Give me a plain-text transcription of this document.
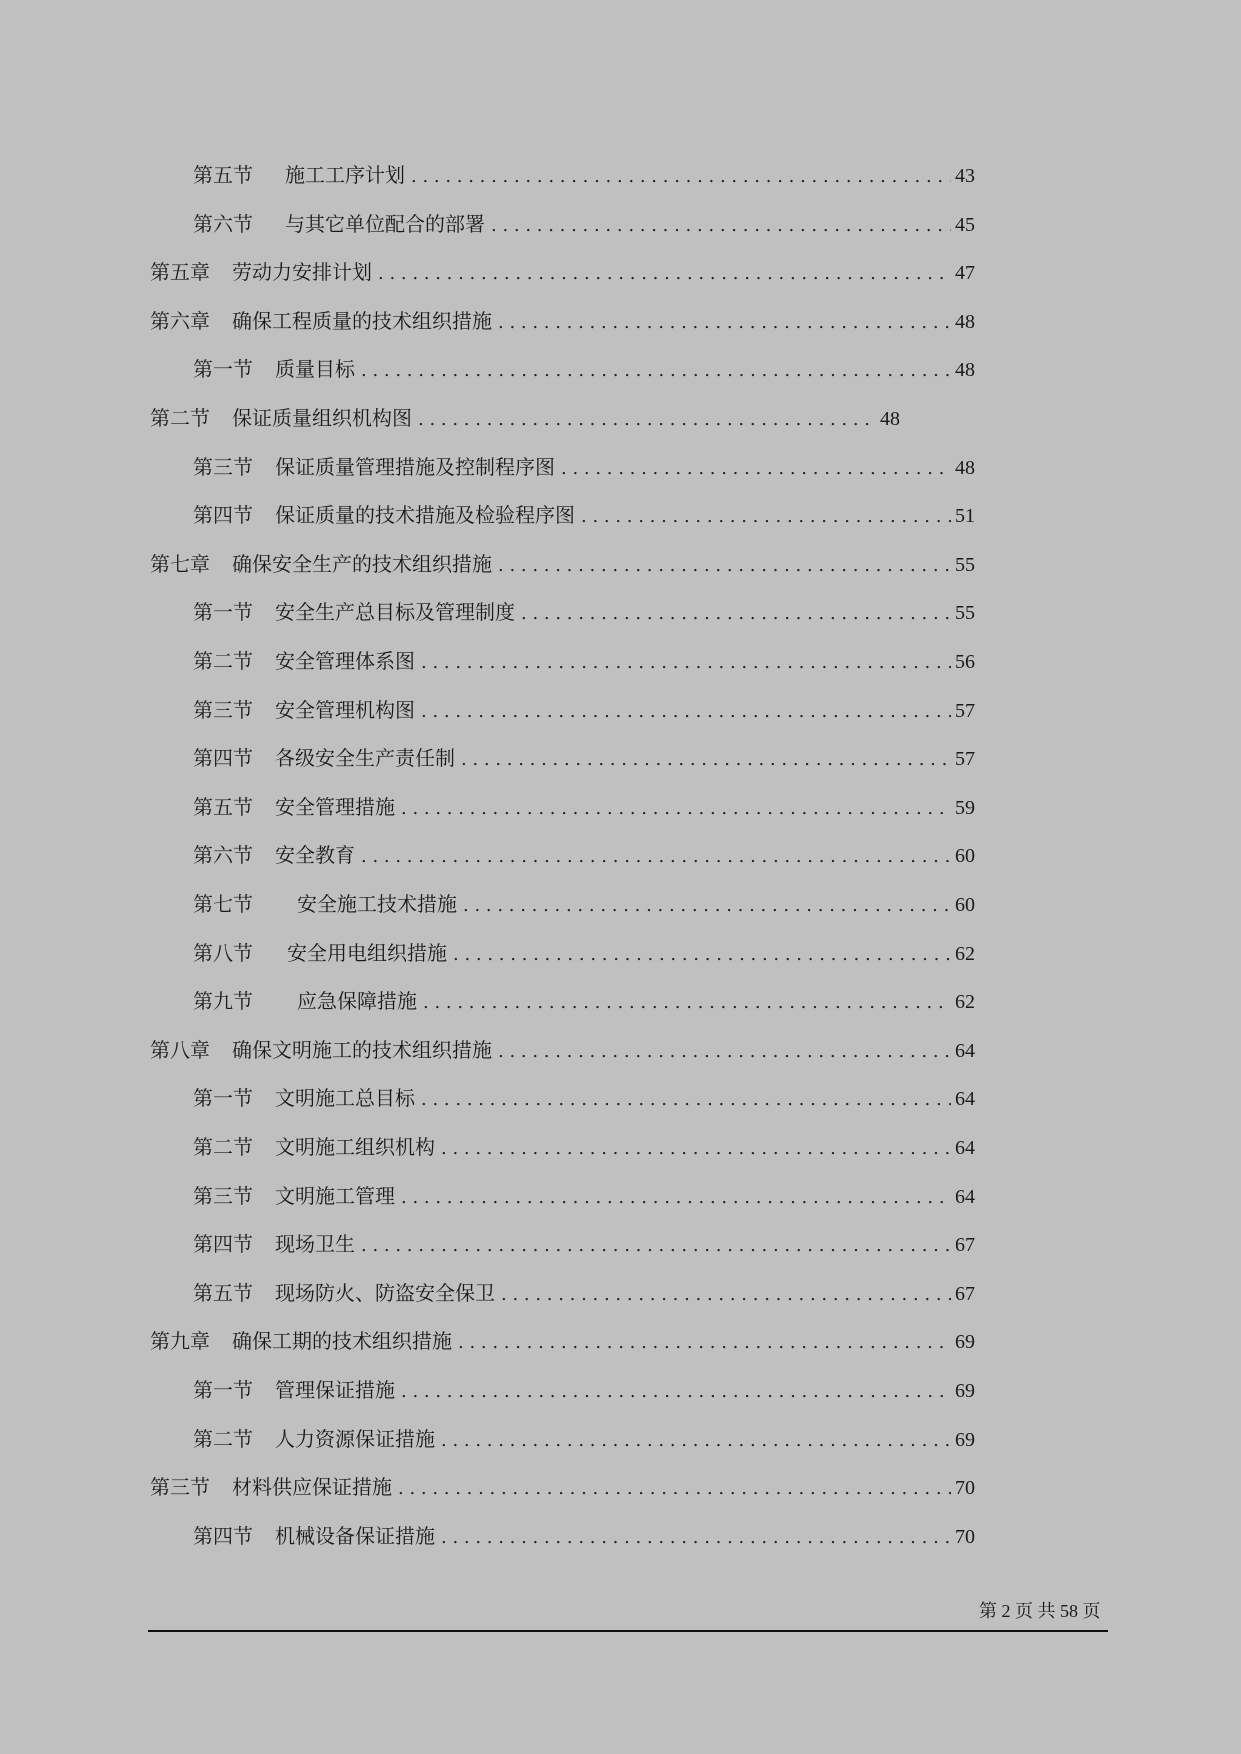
第五节 施工工序计划 . . .	43
第六节 与其它单位配合的部署 . . .	45
第五章 劳动力安排计划 . . .	47
第六章 确保工程质量的技术组织措施 . . .	48
第一节 质量目标 . . .	48
第二节 保证质量组织机构图 . . .	48
第三节 保证质量管理措施及控制程序图 . . .	48
第四节 保证质量的技术措施及检验程序图 . . .	51
第七章 确保安全生产的技术组织措施 . . .	55
第一节 安全生产总目标及管理制度 . . .	55
第二节 安全管理体系图 . . .	56
第三节 安全管理机构图 . . .	57
第四节 各级安全生产责任制 . . .	57
第五节 安全管理措施 . . .	59
第六节 安全教育 . . .	60
第七节 安全施工技术措施 . . .	60
第八节 安全用电组织措施 . . .	62
第九节 应急保障措施 . . .	62
第八章 确保文明施工的技术组织措施 . . .	64
第一节 文明施工总目标 . . .	64
第二节 文明施工组织机构 . . .	64
第三节 文明施工管理 . . .	64
第四节 现场卫生 . . .	67
第五节 现场防火、防盗安全保卫 . . .	67
第九章 确保工期的技术组织措施 . . .	69
第一节 管理保证措施 . . .	69
第二节 人力资源保证措施 . . .	69
第三节 材料供应保证措施 . . .	70
第四节 机械设备保证措施 . . .	70
第 2 页 共 58 页
